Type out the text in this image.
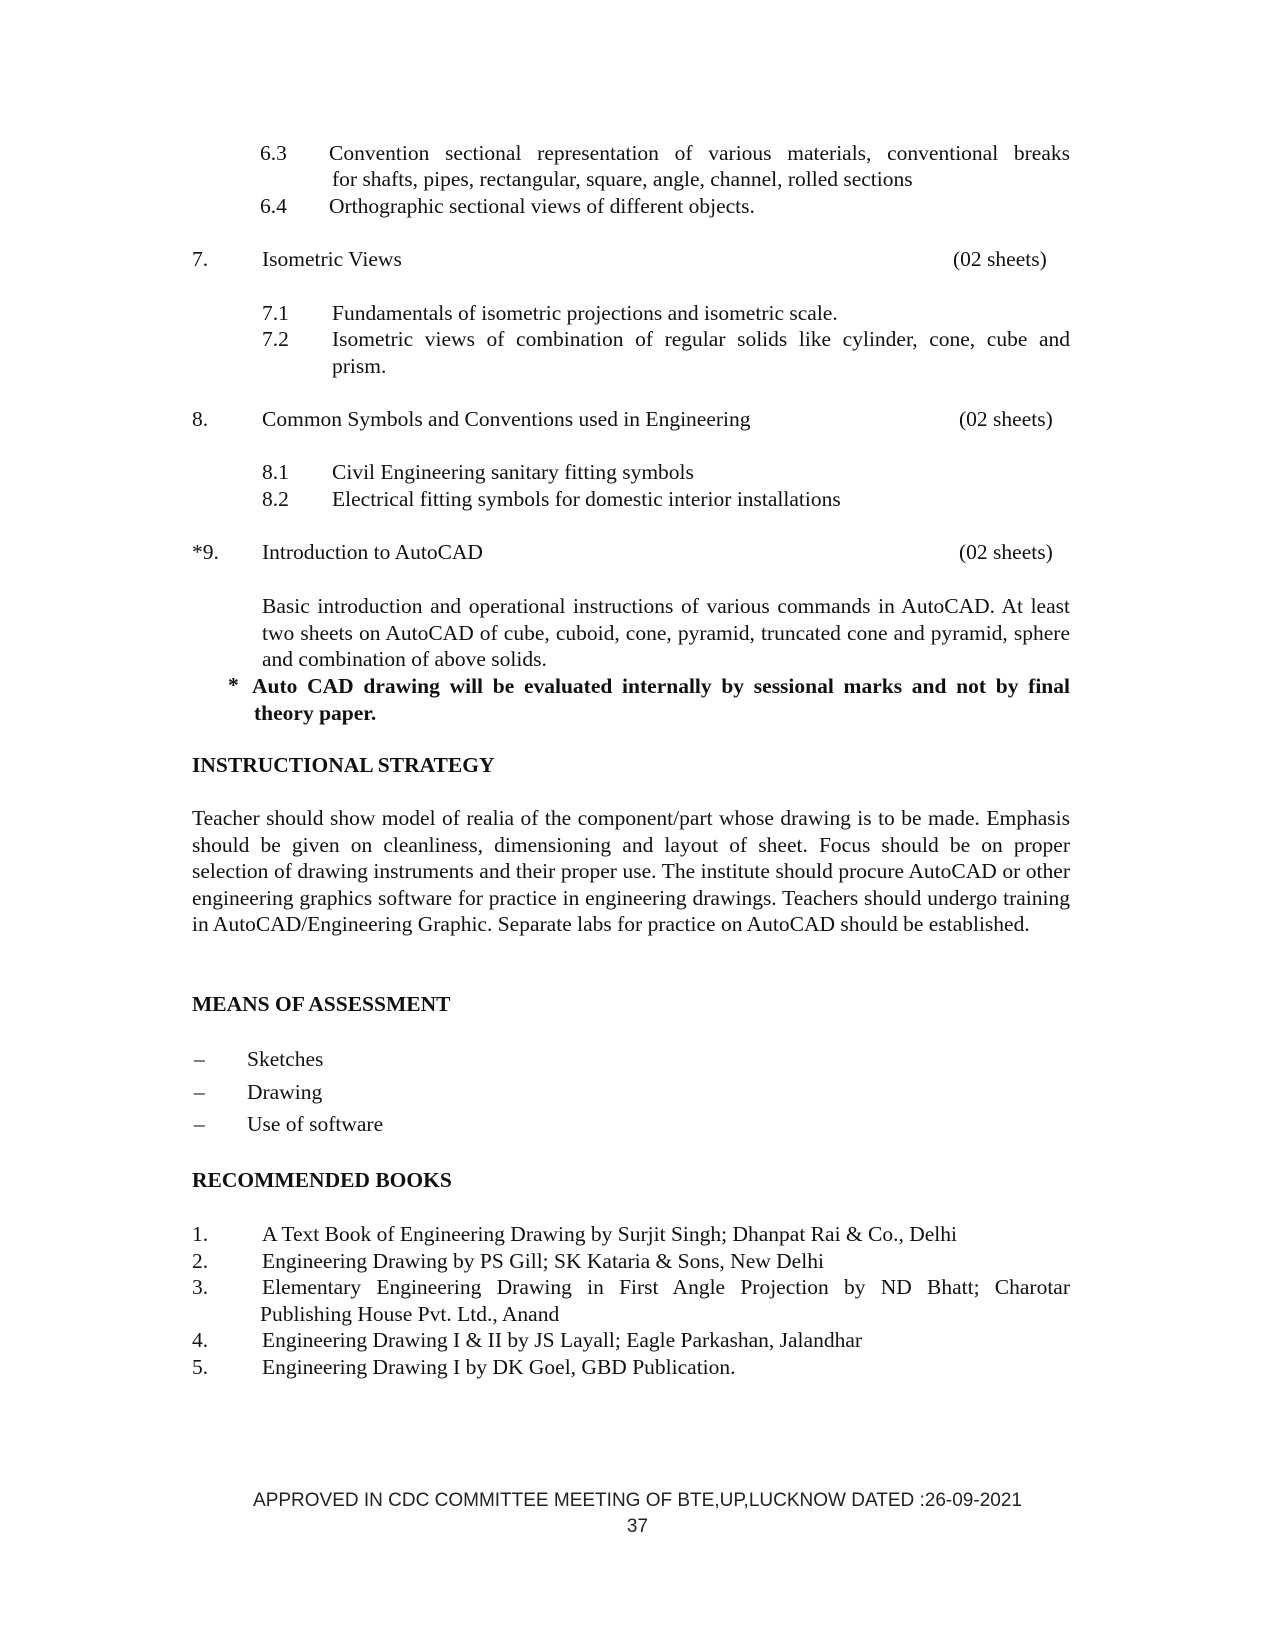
6.3 Convention sectional representation of various materials, conventional breaks
for shafts, pipes, rectangular, square, angle, channel, rolled sections
6.4 Orthographic sectional views of different objects.
7.	Isometric Views	(02 sheets)
7.1 Fundamentals of isometric projections and isometric scale.
7.2 Isometric views of combination of regular solids like cylinder, cone, cube and
prism.
8.	Common Symbols and Conventions used in Engineering	(02 sheets)
8.1 Civil Engineering sanitary fitting symbols
8.2 Electrical fitting symbols for domestic interior installations
*9. Introduction to AutoCAD	(02 sheets)
Basic introduction and operational instructions of various commands in AutoCAD. At least two sheets on AutoCAD of cube, cuboid, cone, pyramid, truncated cone and pyramid, sphere and combination of above solids.
* Auto CAD drawing will be evaluated internally by sessional marks and not by final theory paper.
INSTRUCTIONAL STRATEGY
Teacher should show model of realia of the component/part whose drawing is to be made. Emphasis should be given on cleanliness, dimensioning and layout of sheet. Focus should be on proper selection of drawing instruments and their proper use. The institute should procure AutoCAD or other engineering graphics software for practice in engineering drawings. Teachers should undergo training in AutoCAD/Engineering Graphic. Separate labs for practice on AutoCAD should be established.
MEANS OF ASSESSMENT
– Sketches
– Drawing
– Use of software
RECOMMENDED BOOKS
1.	A Text Book of Engineering Drawing by Surjit Singh; Dhanpat Rai & Co., Delhi
2.	Engineering Drawing by PS Gill; SK Kataria & Sons, New Delhi
3.	Elementary Engineering Drawing in First Angle Projection by ND Bhatt; Charotar
Publishing House Pvt. Ltd., Anand
4.	Engineering Drawing I & II by JS Layall; Eagle Parkashan, Jalandhar
5.	Engineering Drawing I by DK Goel, GBD Publication.
APPROVED IN CDC COMMITTEE MEETING OF BTE,UP,LUCKNOW DATED :26-09-2021
37
